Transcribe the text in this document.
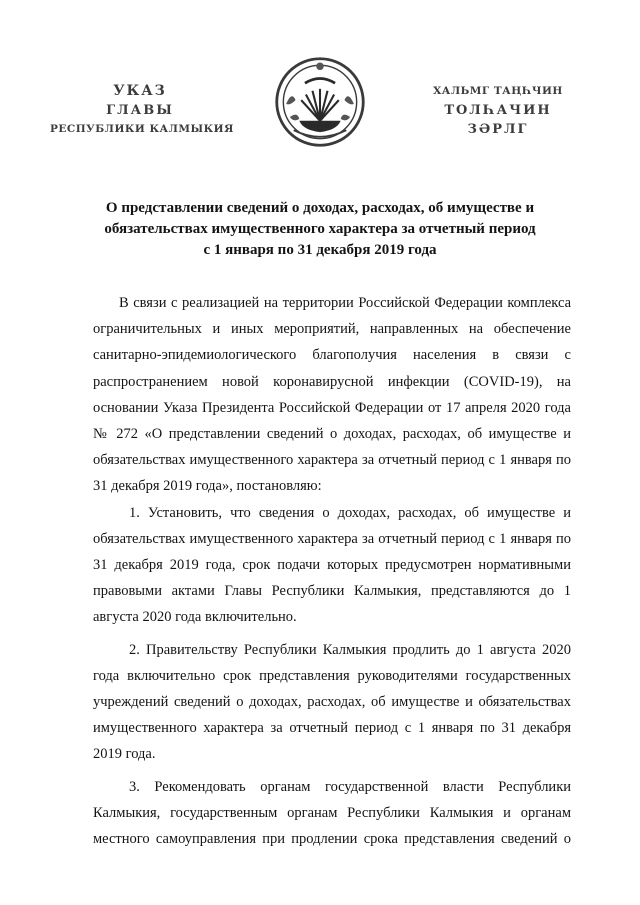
УКАЗ
ГЛАВЫ
РЕСПУБЛИКИ КАЛМЫКИЯ
ХАЛЬМГ ТАҢҺЧИН
ТОЛҺАЧИН
ЗӘРЛГ
О представлении сведений о доходах, расходах, об имуществе и
обязательствах имущественного характера за отчетный период
с 1 января по 31 декабря 2019 года

В связи с реализацией на территории Российской Федерации комплекса ограничительных и иных мероприятий, направленных на обеспечение санитарно-эпидемиологического благополучия населения в связи с распространением новой коронавирусной инфекции (COVID-19), на основании Указа Президента Российской Федерации от 17 апреля 2020 года № 272 «О представлении сведений о доходах, расходах, об имуществе и обязательствах имущественного характера за отчетный период с 1 января по 31 декабря 2019 года», постановляю:

1. Установить, что сведения о доходах, расходах, об имуществе и обязательствах имущественного характера за отчетный период с 1 января по 31 декабря 2019 года, срок подачи которых предусмотрен нормативными правовыми актами Главы Республики Калмыкия, представляются до 1 августа 2020 года включительно.

2. Правительству Республики Калмыкия продлить до 1 августа 2020 года включительно срок представления руководителями государственных учреждений сведений о доходах, расходах, об имуществе и обязательствах имущественного характера за отчетный период с 1 января по 31 декабря 2019 года.

3. Рекомендовать органам государственной власти Республики Калмыкия, государственным органам Республики Калмыкия и органам местного самоуправления при продлении срока представления сведений о
